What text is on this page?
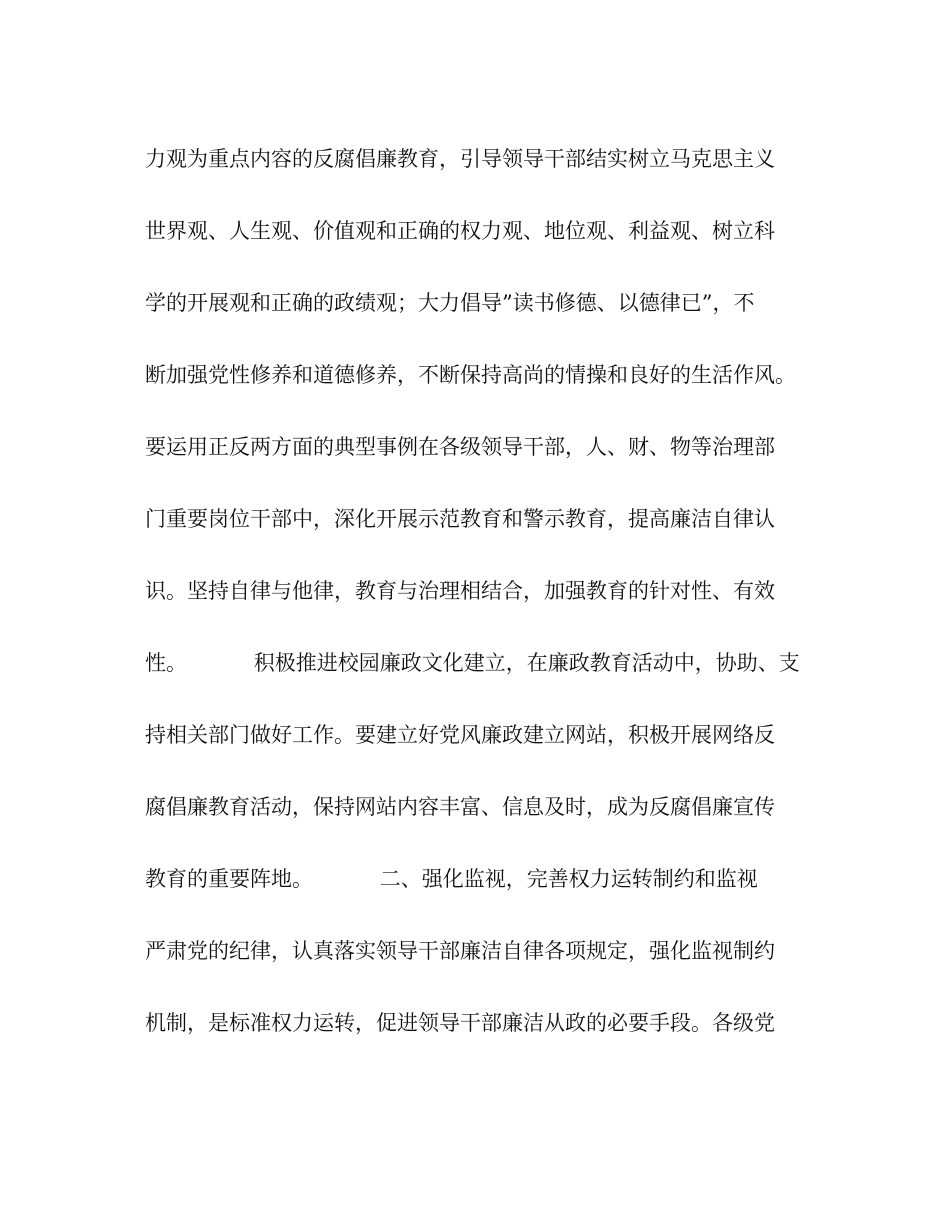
力观为重点内容的反腐倡廉教育，引导领导干部结实树立马克思主义
世界观、人生观、价值观和正确的权力观、地位观、利益观、树立科
学的开展观和正确的政绩观；大力倡导”读书修德、以德律已”，不
断加强党性修养和道德修养，不断保持高尚的情操和良好的生活作风。
要运用正反两方面的典型事例在各级领导干部，人、财、物等治理部
门重要岗位干部中，深化开展示范教育和警示教育，提高廉洁自律认
识。坚持自律与他律，教育与治理相结合，加强教育的针对性、有效
性。          积极推进校园廉政文化建立，在廉政教育活动中，协助、支
持相关部门做好工作。要建立好党风廉政建立网站，积极开展网络反
腐倡廉教育活动，保持网站内容丰富、信息及时，成为反腐倡廉宣传
教育的重要阵地。          二、强化监视，完善权力运转制约和监视
严肃党的纪律，认真落实领导干部廉洁自律各项规定，强化监视制约
机制，是标准权力运转，促进领导干部廉洁从政的必要手段。各级党
